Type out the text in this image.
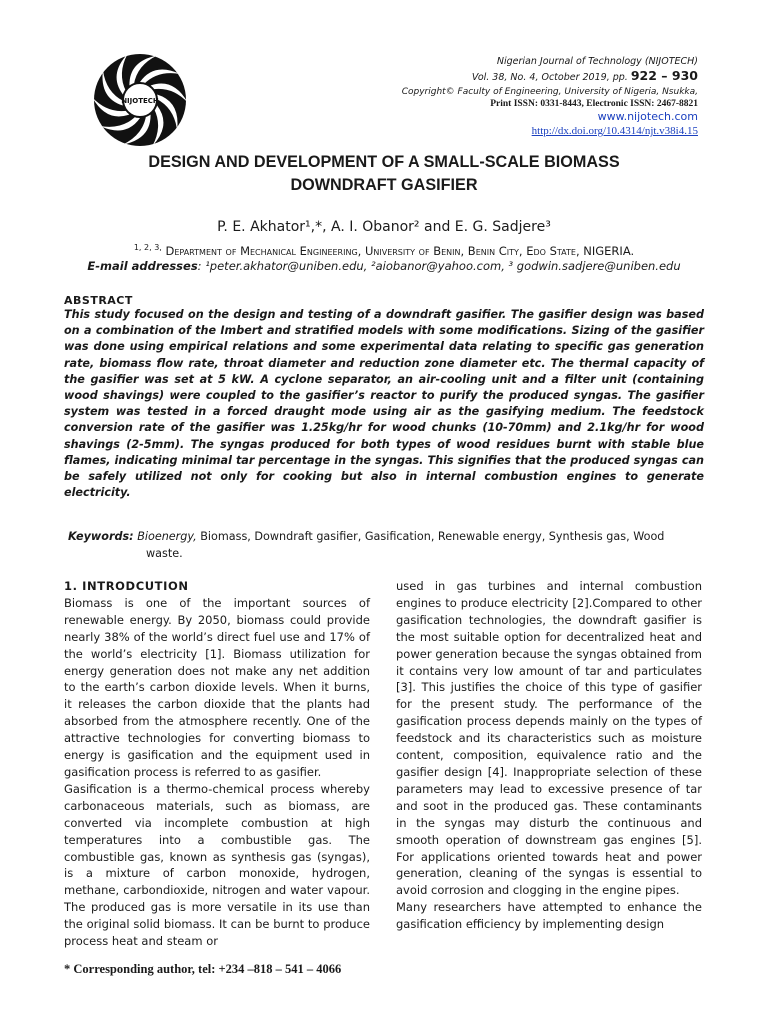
NIJOTECH
Nigerian Journal of Technology (NIJOTECH)
Vol. 38, No. 4, October 2019, pp. 922 – 930
Copyright© Faculty of Engineering, University of Nigeria, Nsukka,
Print ISSN: 0331-8443, Electronic ISSN: 2467-8821
www.nijotech.com
http://dx.doi.org/10.4314/njt.v38i4.15
DESIGN AND DEVELOPMENT OF A SMALL-SCALE BIOMASS
DOWNDRAFT GASIFIER
P. E. Akhator¹,*, A. I. Obanor² and E. G. Sadjere³
$^{1, 2, 3,}$ Department of Mechanical Engineering, University of Benin, Benin City, Edo State, NIGERIA.
E-mail addresses: ¹peter.akhator@uniben.edu, ²aiobanor@yahoo.com, ³ godwin.sadjere@uniben.edu
ABSTRACT
This study focused on the design and testing of a downdraft gasifier. The gasifier design was based on a combination of the Imbert and stratified models with some modifications. Sizing of the gasifier was done using empirical relations and some experimental data relating to specific gas generation rate, biomass flow rate, throat diameter and reduction zone diameter etc. The thermal capacity of the gasifier was set at 5 kW. A cyclone separator, an air-cooling unit and a filter unit (containing wood shavings) were coupled to the gasifier’s reactor to purify the produced syngas. The gasifier system was tested in a forced draught mode using air as the gasifying medium. The feedstock conversion rate of the gasifier was 1.25kg/hr for wood chunks (10-70mm) and 2.1kg/hr for wood shavings (2-5mm). The syngas produced for both types of wood residues burnt with stable blue flames, indicating minimal tar percentage in the syngas. This signifies that the produced syngas can be safely utilized not only for cooking but also in internal combustion engines to generate electricity.
Keywords: Bioenergy, Biomass, Downdraft gasifier, Gasification, Renewable energy, Synthesis gas, Wood
waste.

1. INTRODCUTION

Biomass is one of the important sources of renewable energy. By 2050, biomass could provide nearly 38% of the world’s direct fuel use and 17% of the world’s electricity [1]. Biomass utilization for energy generation does not make any net addition to the earth’s carbon dioxide levels. When it burns, it releases the carbon dioxide that the plants had absorbed from the atmosphere recently. One of the attractive technologies for converting biomass to energy is gasification and the equipment used in gasification process is referred to as gasifier.

Gasification is a thermo-chemical process whereby carbonaceous materials, such as biomass, are converted via incomplete combustion at high temperatures into a combustible gas. The combustible gas, known as synthesis gas (syngas), is a mixture of carbon monoxide, hydrogen, methane, carbondioxide, nitrogen and water vapour. The produced gas is more versatile in its use than the original solid biomass. It can be burnt to produce process heat and steam or

used in gas turbines and internal combustion engines to produce electricity [2].Compared to other gasification technologies, the downdraft gasifier is the most suitable option for decentralized heat and power generation because the syngas obtained from it contains very low amount of tar and particulates [3]. This justifies the choice of this type of gasifier for the present study. The performance of the gasification process depends mainly on the types of feedstock and its characteristics such as moisture content, composition, equivalence ratio and the gasifier design [4]. Inappropriate selection of these parameters may lead to excessive presence of tar and soot in the produced gas. These contaminants in the syngas may disturb the continuous and smooth operation of downstream gas engines [5]. For applications oriented towards heat and power generation, cleaning of the syngas is essential to avoid corrosion and clogging in the engine pipes.

Many researchers have attempted to enhance the gasification efficiency by implementing design

* Corresponding author, tel: +234 –818 – 541 – 4066
